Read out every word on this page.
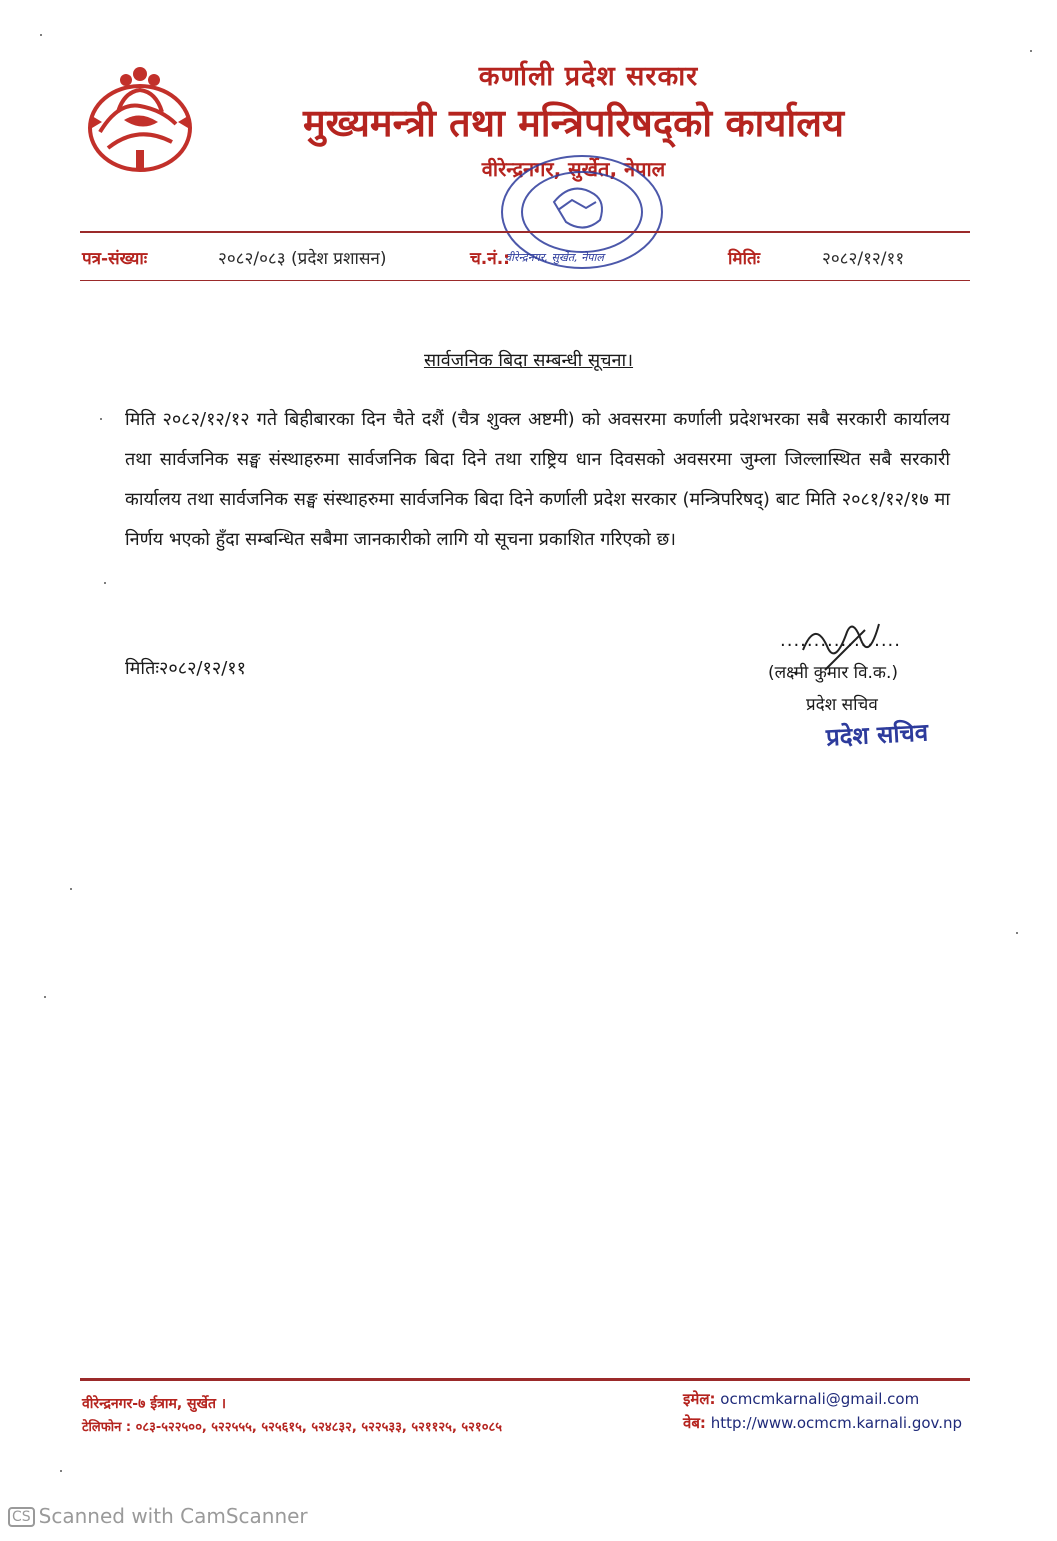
कर्णाली प्रदेश सरकार
मुख्यमन्त्री तथा मन्त्रिपरिषद्को कार्यालय
वीरेन्द्रनगर, सुर्खेत, नेपाल
वीरेन्द्रनगर, सुर्खेत, नेपाल
पत्र-संख्याः	२०८२/०८३ (प्रदेश प्रशासन)	च.नं.:	मितिः	२०८२/१२/११
सार्वजनिक बिदा सम्बन्धी सूचना।
मिति २०८२/१२/१२ गते बिहीबारका दिन चैते दशैं (चैत्र शुक्ल अष्टमी) को अवसरमा कर्णाली प्रदेशभरका सबै सरकारी कार्यालय तथा सार्वजनिक सङ्घ संस्थाहरुमा सार्वजनिक बिदा दिने तथा राष्ट्रिय धान दिवसको अवसरमा जुम्ला जिल्लास्थित सबै सरकारी कार्यालय तथा सार्वजनिक सङ्घ संस्थाहरुमा सार्वजनिक बिदा दिने कर्णाली प्रदेश सरकार (मन्त्रिपरिषद्) बाट मिति २०८१/१२/१७ मा निर्णय भएको हुँदा सम्बन्धित सबैमा जानकारीको लागि यो सूचना प्रकाशित गरिएको छ।
मितिः२०८२/१२/११
..................
(लक्ष्मी कुमार वि.क.)
प्रदेश सचिव
प्रदेश सचिव
वीरेन्द्रनगर-७ ईत्राम, सुर्खेत ।
टेलिफोन : ०८३-५२२५००, ५२२५५५, ५२५६१५, ५२४८३२, ५२२५३३, ५२११२५, ५२१०८५
इमेल: ocmcmkarnali@gmail.com
वेब: http://www.ocmcm.karnali.gov.np
CS Scanned with CamScanner
